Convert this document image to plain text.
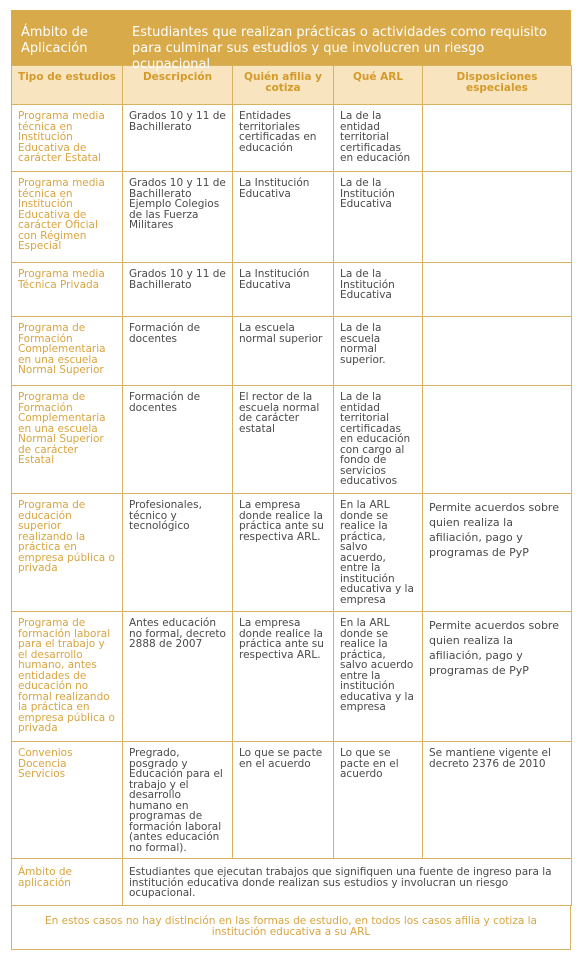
Ámbito de Aplicación
Estudiantes que realizan prácticas o actividades como requisito para culminar sus estudios y que involucren un riesgo ocupacional
Tipo de estudios	Descripción	Quién afilia y cotiza	Qué ARL	Disposiciones especiales
Programa media técnica en Institución Educativa de carácter Estatal	Grados 10 y 11 de Bachillerato	Entidades territoriales certificadas en educación	La de la entidad territorial certificadas en educación	
Programa media técnica en Institución Educativa de carácter Oficial con Régimen Especial	Grados 10 y 11 de Bachillerato Ejemplo Colegios de las Fuerza Militares	La Institución Educativa	La de la Institución Educativa	
Programa media Técnica Privada	Grados 10 y 11 de Bachillerato	La Institución Educativa	La de la Institución Educativa	
Programa de Formación Complementaria en una escuela Normal Superior	Formación de docentes	La escuela normal superior	La de la escuela normal superior.	
Programa de Formación Complementaria en una escuela Normal Superior de carácter Estatal	Formación de docentes	El rector de la escuela normal de carácter estatal	La de la entidad territorial certificadas en educación con cargo al fondo de servicios educativos	
Programa de educación superior realizando la práctica en empresa pública o privada	Profesionales, técnico y tecnológico	La empresa donde realice la práctica ante su respectiva ARL.	En la ARL donde se realice la práctica, salvo acuerdo, entre la institución educativa y la empresa	Permite acuerdos sobre quien realiza la afiliación, pago y programas de PyP
Programa de formación laboral para el trabajo y el desarrollo humano, antes entidades de educación no formal realizando la práctica en empresa pública o privada	Antes educación no formal, decreto 2888 de 2007	La empresa donde realice la práctica ante su respectiva ARL.	En la ARL donde se realice la práctica, salvo acuerdo entre la institución educativa y la empresa	Permite acuerdos sobre quien realiza la afiliación, pago y programas de PyP
Convenios Docencia Servicios	Pregrado, posgrado y Educación para el trabajo y el desarrollo humano en programas de formación laboral (antes educación no formal).	Lo que se pacte en el acuerdo	Lo que se pacte en el acuerdo	Se mantiene vigente el decreto 2376 de 2010
Ámbito de aplicación	Estudiantes que ejecutan trabajos que signifiquen una fuente de ingreso para la institución educativa donde realizan sus estudios y involucran un riesgo ocupacional.			
En estos casos no hay distinción en las formas de estudio, en todos los casos afilia y cotiza la institución educativa a su ARL
